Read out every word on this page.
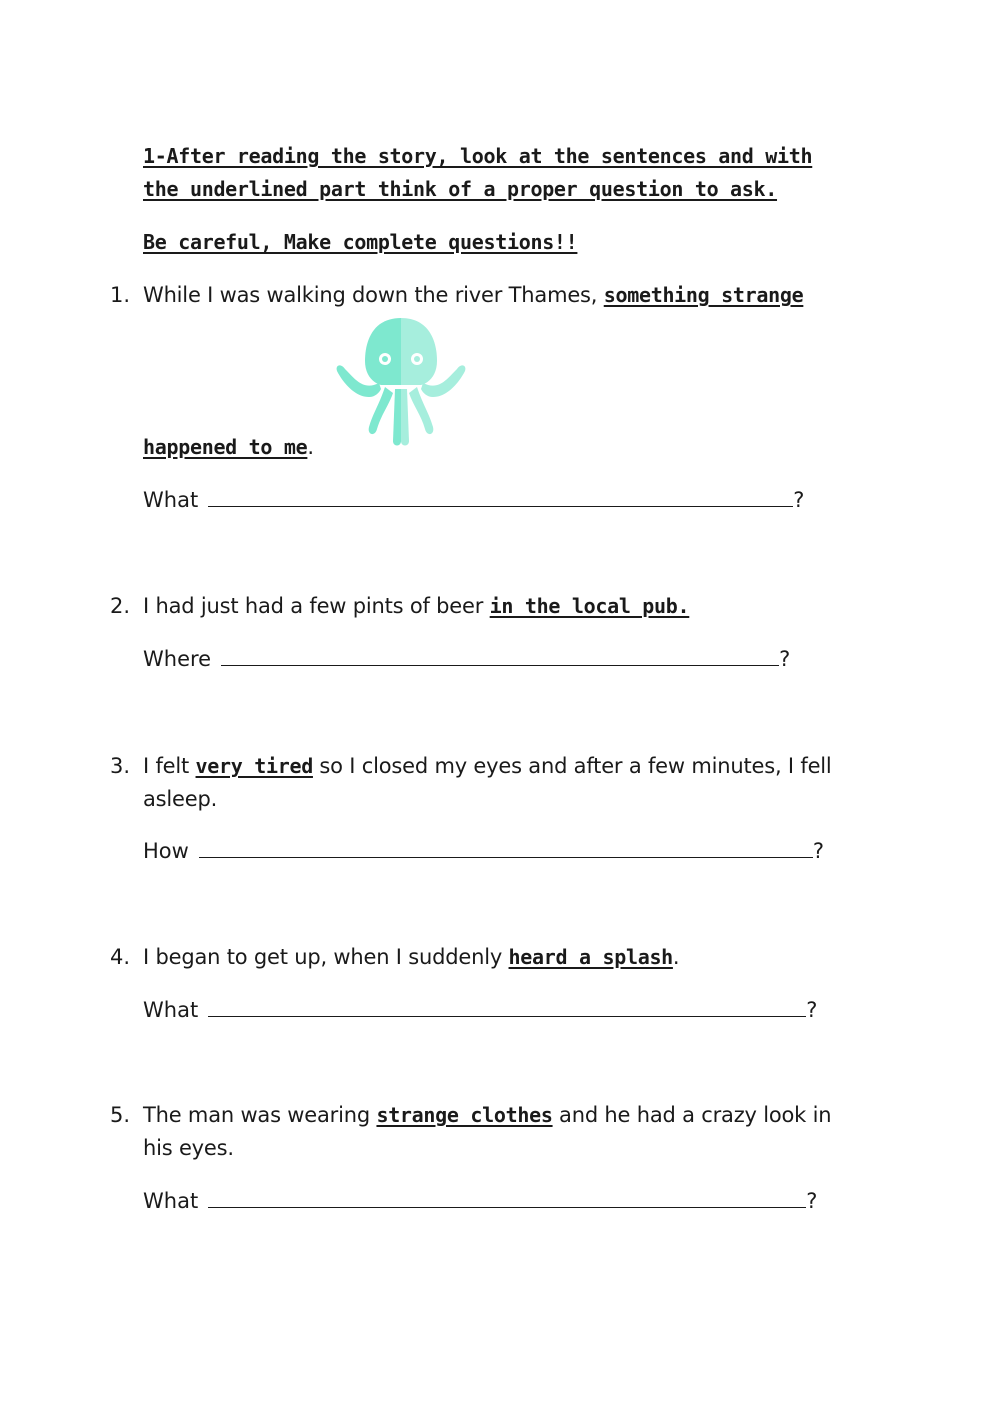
1-After reading the story, look at the sentences and with
the underlined part think of a proper question to ask.
Be careful, Make complete questions!!
1. While I was walking down the river Thames, something strange
happened to me.
What	?
2. I had just had a few pints of beer in the local pub.
Where	?
3. I felt very tired so I closed my eyes and after a few minutes, I fell asleep.
How	?
4. I began to get up, when I suddenly heard a splash.
What	?
5. The man was wearing strange clothes and he had a crazy look in his eyes.
What	?
